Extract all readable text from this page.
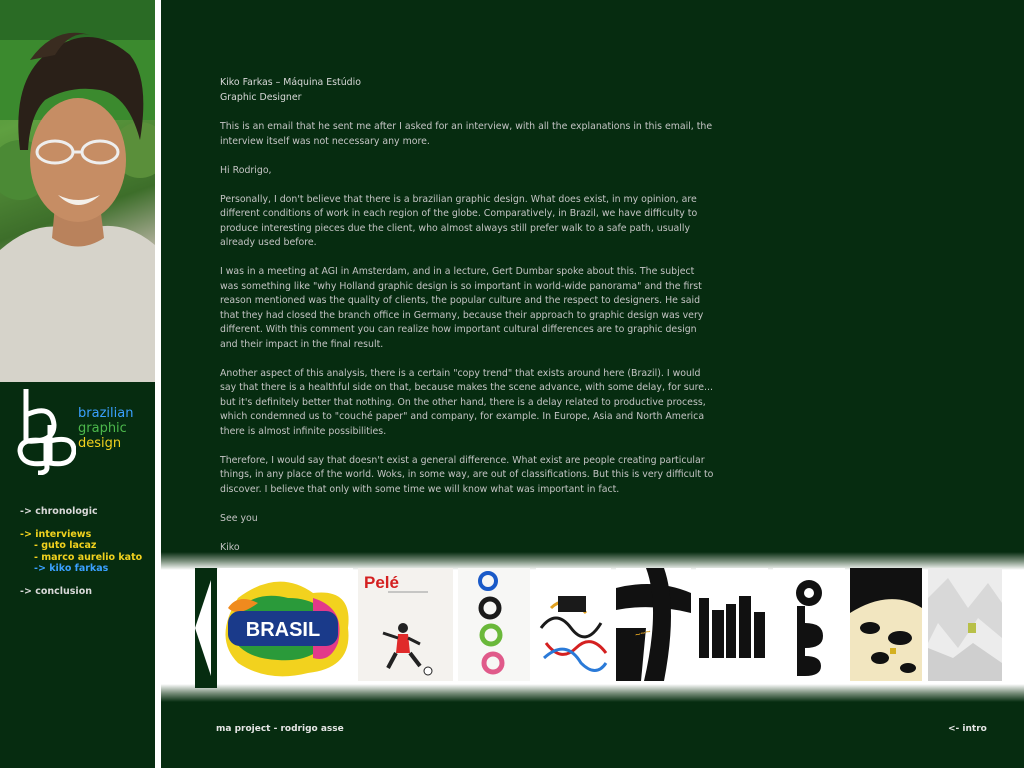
brazilian
graphic
design
-> chronologic
-> interviews
- guto lacaz
- marco aurelio kato
-> kiko farkas
-> conclusion
Kiko Farkas – Máquina Estúdio
Graphic Designer

This is an email that he sent me after I asked for an interview, with all the explanations in this email, the interview itself was not necessary any more.

Hi Rodrigo,

Personally, I don't believe that there is a brazilian graphic design. What does exist, in my opinion, are different conditions of work in each region of the globe. Comparatively, in Brazil, we have difficulty to produce interesting pieces due the client, who almost always still prefer walk to a safe path, usually already used before.

I was in a meeting at AGI in Amsterdam, and in a lecture, Gert Dumbar spoke about this. The subject was something like "why Holland graphic design is so important in world-wide panorama" and the first reason mentioned was the quality of clients, the popular culture and the respect to designers. He said that they had closed the branch office in Germany, because their approach to graphic design was very different. With this comment you can realize how important cultural differences are to graphic design and their impact in the final result.

Another aspect of this analysis, there is a certain "copy trend" that exists around here (Brazil). I would say that there is a healthful side on that, because makes the scene advance, with some delay, for sure... but it's definitely better that nothing. On the other hand, there is a delay related to productive process, which condemned us to "couché paper" and company, for example. In Europe, Asia and North America there is almost infinite possibilities.

Therefore, I would say that doesn't exist a general difference. What exist are people creating particular things, in any place of the world. Woks, in some way, are out of classifications. But this is very difficult to discover. I believe that only with some time we will know what was important in fact.

See you

Kiko

BRASIL
Pelé
~~~
ma project - rodrigo asse	<- intro
